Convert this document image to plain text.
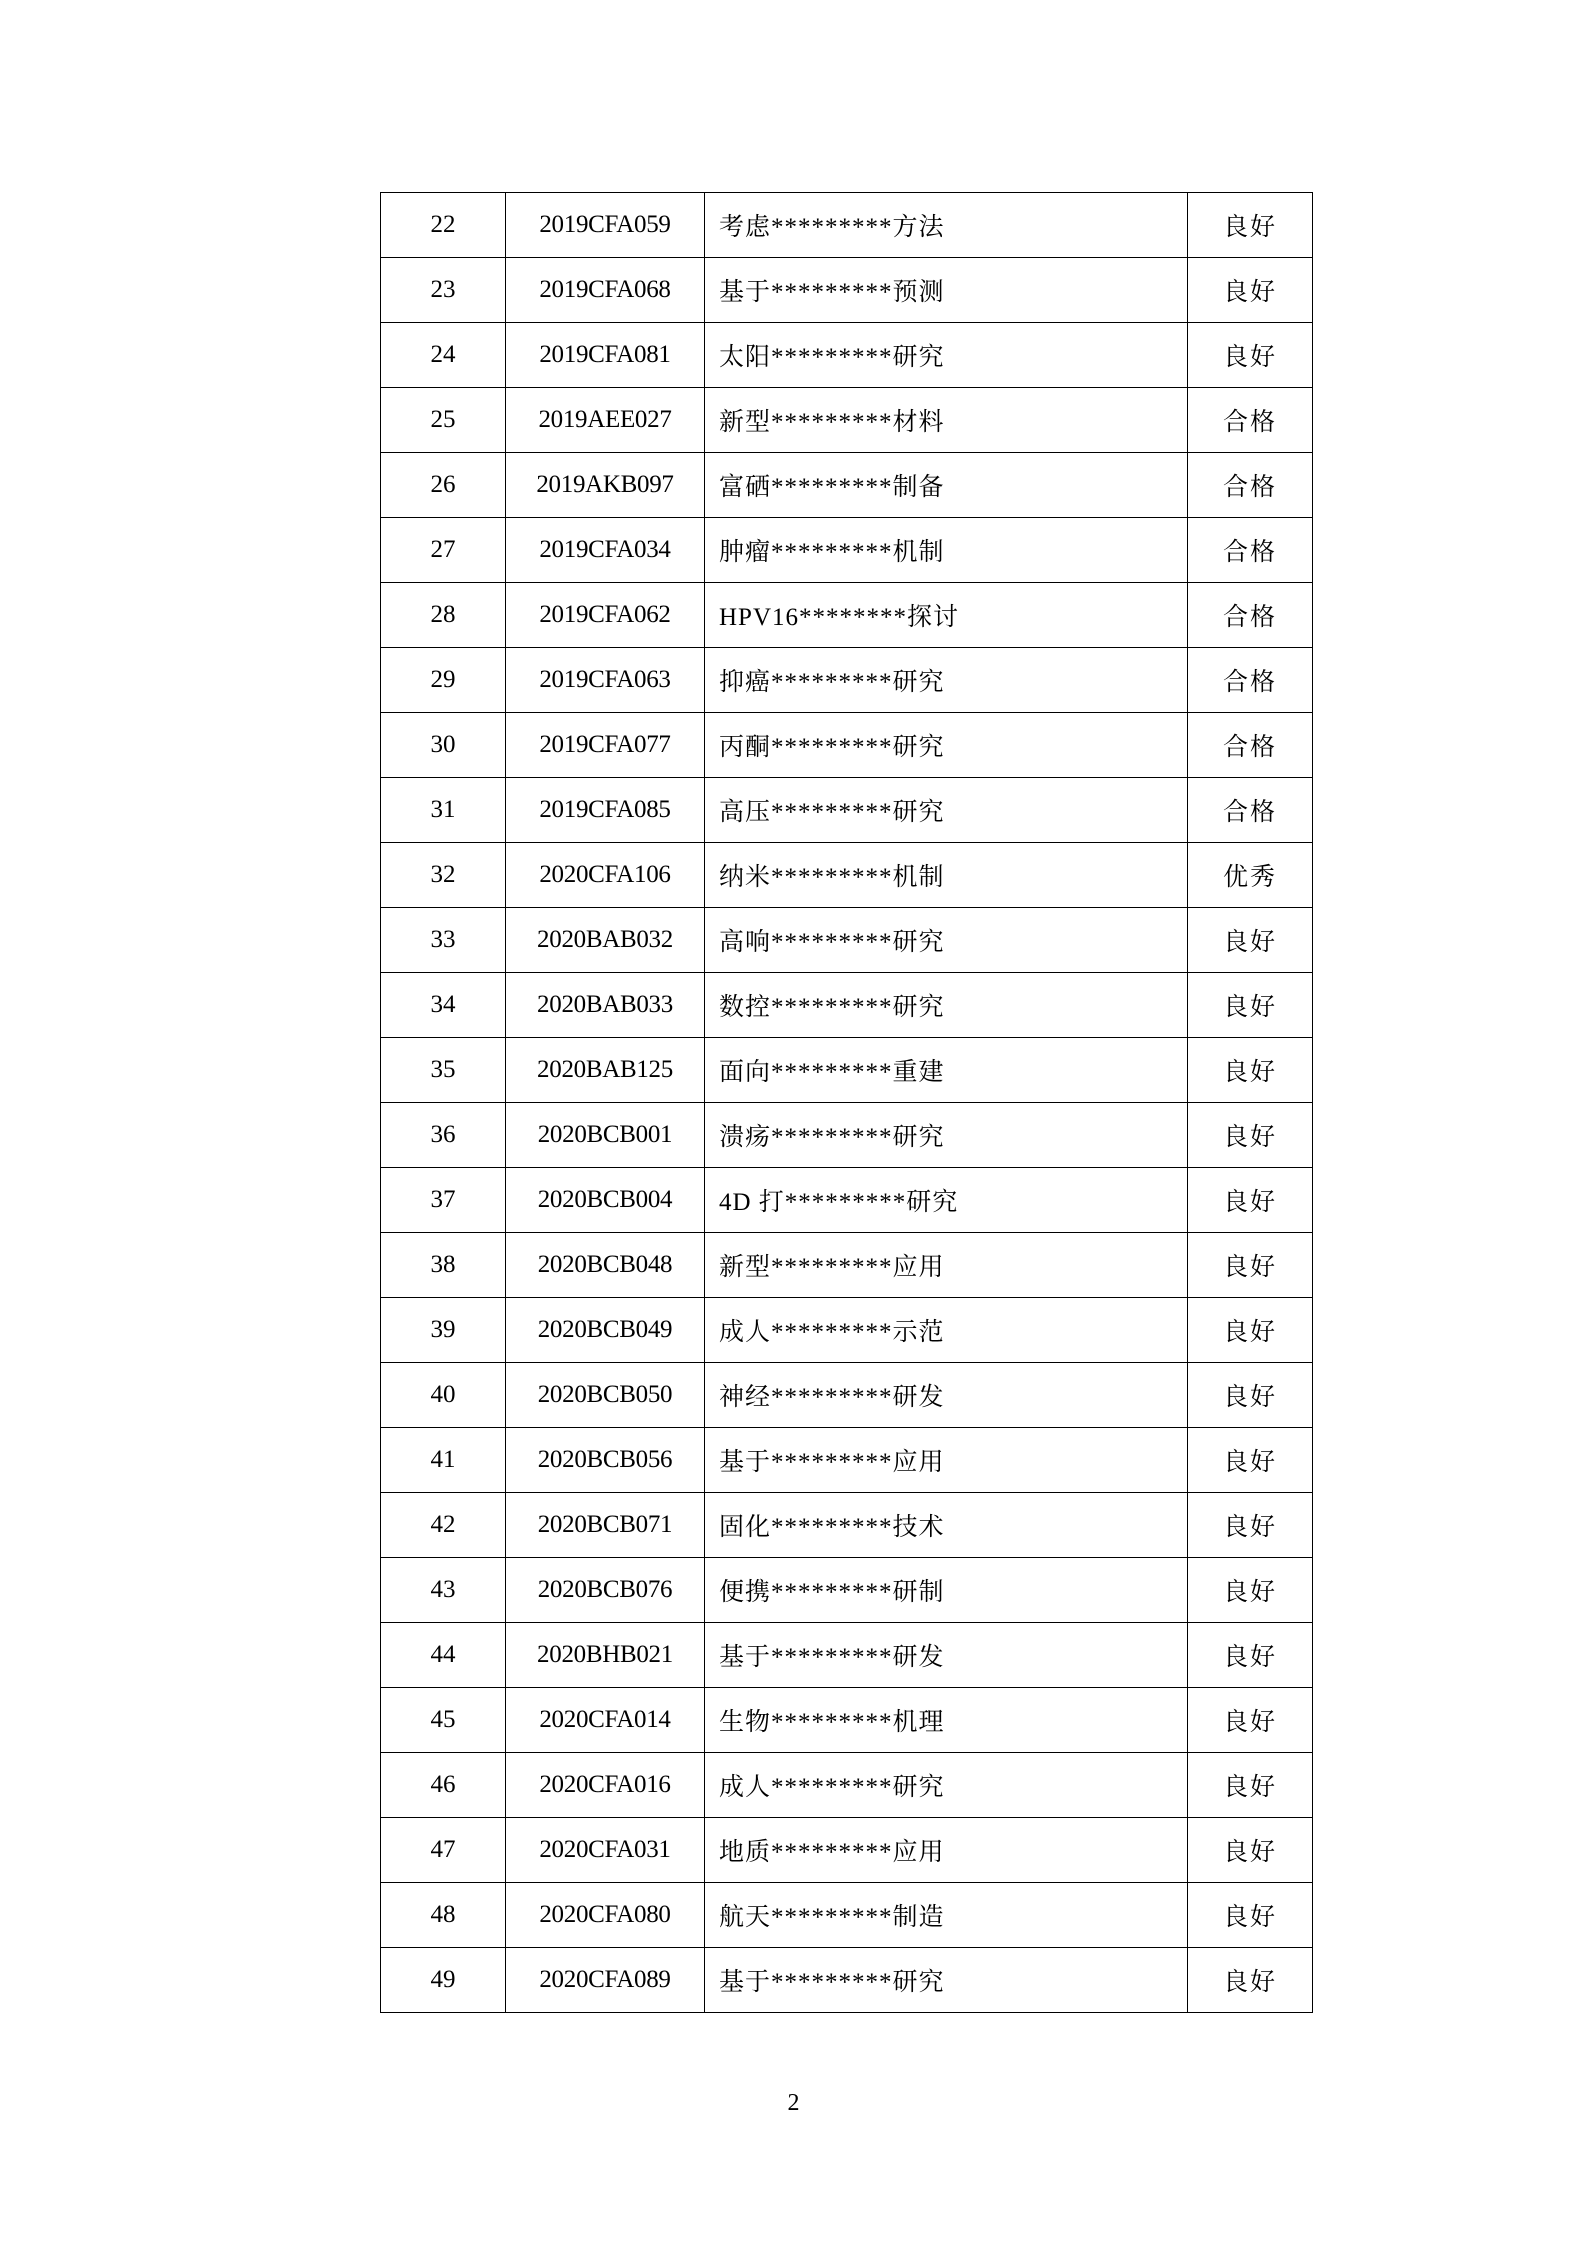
22	2019CFA059	考虑*********方法	良好
23	2019CFA068	基于*********预测	良好
24	2019CFA081	太阳*********研究	良好
25	2019AEE027	新型*********材料	合格
26	2019AKB097	富硒*********制备	合格
27	2019CFA034	肿瘤*********机制	合格
28	2019CFA062	HPV16********探讨	合格
29	2019CFA063	抑癌*********研究	合格
30	2019CFA077	丙酮*********研究	合格
31	2019CFA085	高压*********研究	合格
32	2020CFA106	纳米*********机制	优秀
33	2020BAB032	高响*********研究	良好
34	2020BAB033	数控*********研究	良好
35	2020BAB125	面向*********重建	良好
36	2020BCB001	溃疡*********研究	良好
37	2020BCB004	4D 打*********研究	良好
38	2020BCB048	新型*********应用	良好
39	2020BCB049	成人*********示范	良好
40	2020BCB050	神经*********研发	良好
41	2020BCB056	基于*********应用	良好
42	2020BCB071	固化*********技术	良好
43	2020BCB076	便携*********研制	良好
44	2020BHB021	基于*********研发	良好
45	2020CFA014	生物*********机理	良好
46	2020CFA016	成人*********研究	良好
47	2020CFA031	地质*********应用	良好
48	2020CFA080	航天*********制造	良好
49	2020CFA089	基于*********研究	良好
2
